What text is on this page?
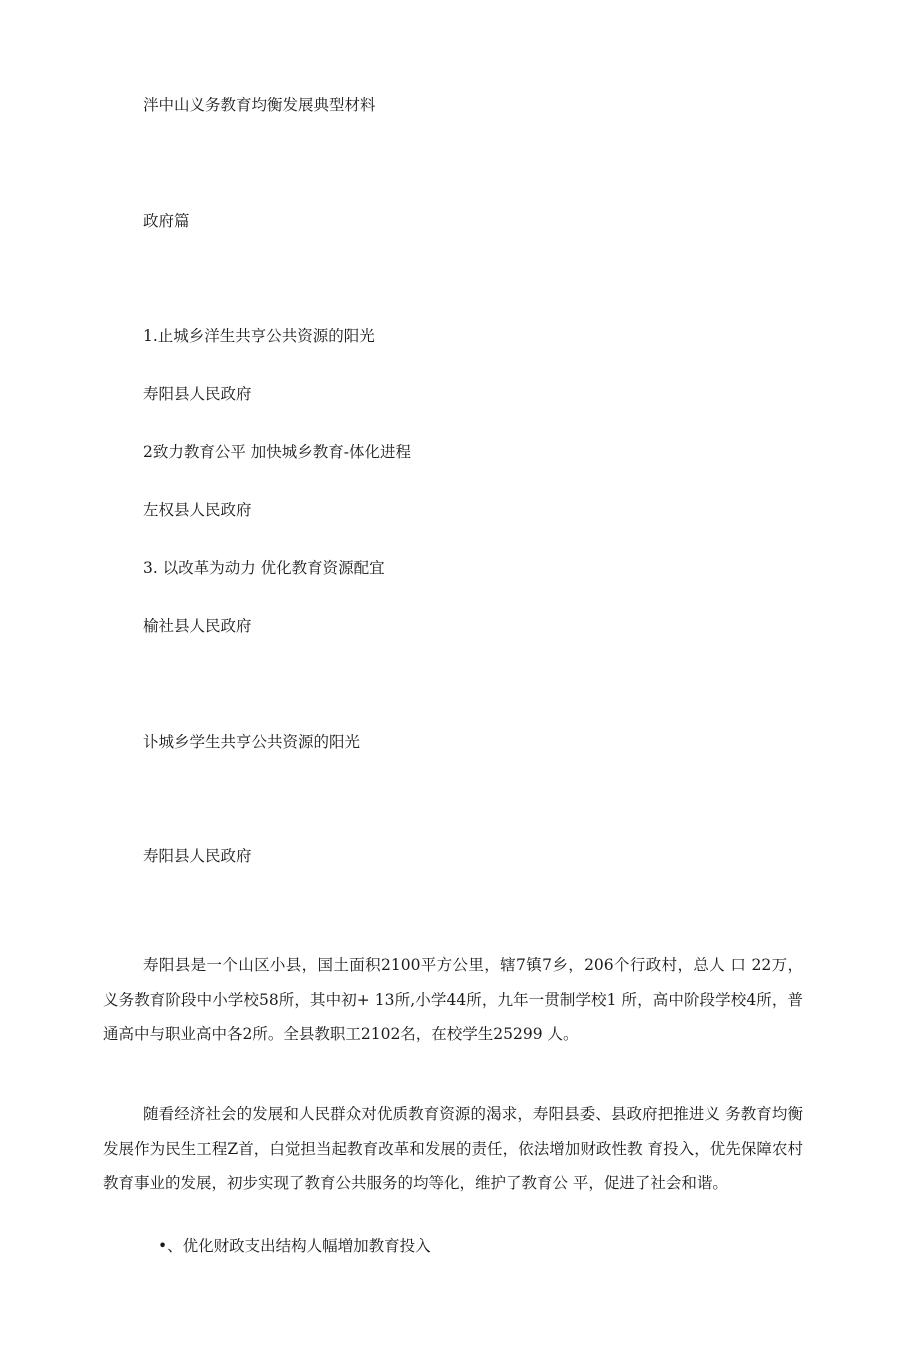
泮中山义务教育均衡发展典型材料
政府篇
1.止城乡洋生共亨公共资源的阳光
寿阳县人民政府
2致力教育公平 加快城乡教育-体化进程
左权县人民政府
3. 以改革为动力 优化教育资源配宜
榆社县人民政府
讣城乡学生共亨公共资源的阳光
寿阳县人民政府
寿阳县是一个山区小县，国土面积2100平方公里，辖7镇7乡，206个行政村，总人 口 22万，义务教育阶段中小学校58所，其中初+ 13所,小学44所，九年一贯制学校1 所，高中阶段学校4所，普通高中与职业高中各2所。全县教职工2102名，在校学生25299 人。
随看经济社会的发展和人民群众对优质教育资源的渴求，寿阳县委、县政府把推进义 务教育均衡发展作为民生工程Z首，白觉担当起教育改革和发展的责任，依法增加财政性教 育投入，优先保障农村教育事业的发展，初步实现了教育公共服务的均等化，维护了教育公 平，促进了社会和谐。
•、优化财政支出结构人幅増加教育投入
